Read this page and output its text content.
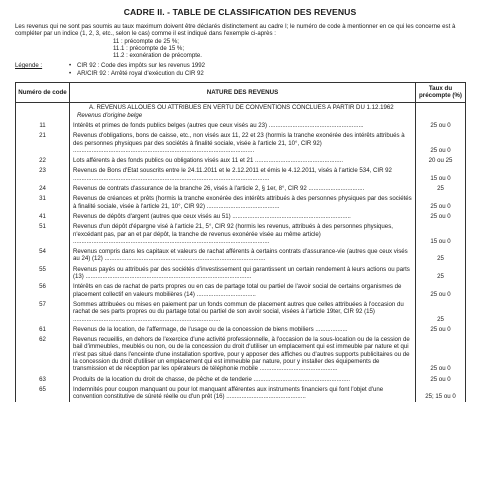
CADRE II. - TABLE DE CLASSIFICATION DES REVENUS
Les revenus qui ne sont pas soumis au taux maximum doivent être déclarés distinctement au cadre I; le numéro de code à mentionner en ce qui les concerne est à compléter par un indice (1, 2, 3, etc., selon le cas) comme il est indiqué dans l'exemple ci-après :
11 : précompte de 25 %;
11.1 : précompte de 15 %;
11.2 : exonération de précompte.
Légende :	• CIR 92 : Code des impôts sur les revenus 1992
• AR/CIR 92 : Arrêté royal d'exécution du CIR 92
Numéro de code	NATURE DES REVENUS	Taux du précompte (%)

	A. REVENUS ALLOUES OU ATTRIBUES EN VERTU DE CONVENTIONS CONCLUES A PARTIR DU 1.12.1962
Revenus d'origine belge	

11	Intérêts et primes de fonds publics belges (autres que ceux visés au 23) ........................................................	25 ou 0
21	Revenus d'obligations, bons de caisse, etc., non visés aux 11, 22 et 23 (hormis la tranche exonérée des intérêts attribués à des personnes physiques par des sociétés à finalité sociale, visée à l'article 21, 10°, CIR 92) ...........................................................................................................	25 ou 0
22	Lots afférents à des fonds publics ou obligations visés aux 11 et 21 ....................................................	20 ou 25
23	Revenus de Bons d'Etat souscrits entre le 24.11.2011 et le 2.12.2011 et émis le 4.12.2011, visés à l'article 534, CIR 92 ....................................................................................................................	15 ou 0
24	Revenus de contrats d'assurance de la branche 26, visés à l'article 2, § 1er, 8°, CIR 92 .................................	25
31	Revenus de créances et prêts (hormis la tranche exonérée des intérêts attribués à des personnes physiques par des sociétés à finalité sociale, visée à l'article 21, 10°, CIR 92) ...........................................	25 ou 0
41	Revenus de dépôts d'argent (autres que ceux visés au 51) ......................................................................	25 ou 0
51	Revenus d'un dépôt d'épargne visé à l'article 21, 5°, CIR 92 (hormis les revenus, attribués à des personnes physiques, n'excédant pas, par an et par dépôt, la tranche de revenus exonérée visée au même article) ....................................................................................................................	15 ou 0
54	Revenus compris dans les capitaux et valeurs de rachat afférents à certains contrats d'assurance-vie (autres que ceux visés au 24) (12) ...............................................................................................	25
55	Revenus payés ou attribués par des sociétés d'investissement qui garantissent un certain rendement à leurs actions ou parts (13) ..................................................................................................	25
56	Intérêts en cas de rachat de parts propres ou en cas de partage total ou partiel de l'avoir social de certains organismes de placement collectif en valeurs mobilières (14) ...................................	25 ou 0
57	Sommes attribuées ou mises en paiement par un fonds commun de placement autres que celles attribuées à l'occasion du rachat de ses parts propres ou du partage total ou partiel de son avoir social, visées à l'article 19ter, CIR 92 (15) .......................................................................................	25
61	Revenus de la location, de l'affermage, de l'usage ou de la concession de biens mobiliers ...................	25 ou 0
62	Revenus recueillis, en dehors de l'exercice d'une activité professionnelle, à l'occasion de la sous-location ou de la cession de bail d'immeubles, meublés ou non, ou de la concession du droit d'utiliser un emplacement qui est immeuble par nature et qui n'est pas situé dans l'enceinte d'une installation sportive, pour y apposer des affiches ou d'autres supports publicitaires ou de la concession du droit d'utiliser un emplacement qui est immeuble par nature, pour y installer des équipements de transmission et de réception par les opérateurs de téléphonie mobile ..............................................	25 ou 0
63	Produits de la location du droit de chasse, de pêche et de tenderie .........................................................	25 ou 0
65	Indemnités pour coupon manquant ou pour lot manquant afférentes aux instruments financiers qui font l'objet d'une convention constitutive de sûreté réelle ou d'un prêt (16) ...............................................	25; 15 ou 0
